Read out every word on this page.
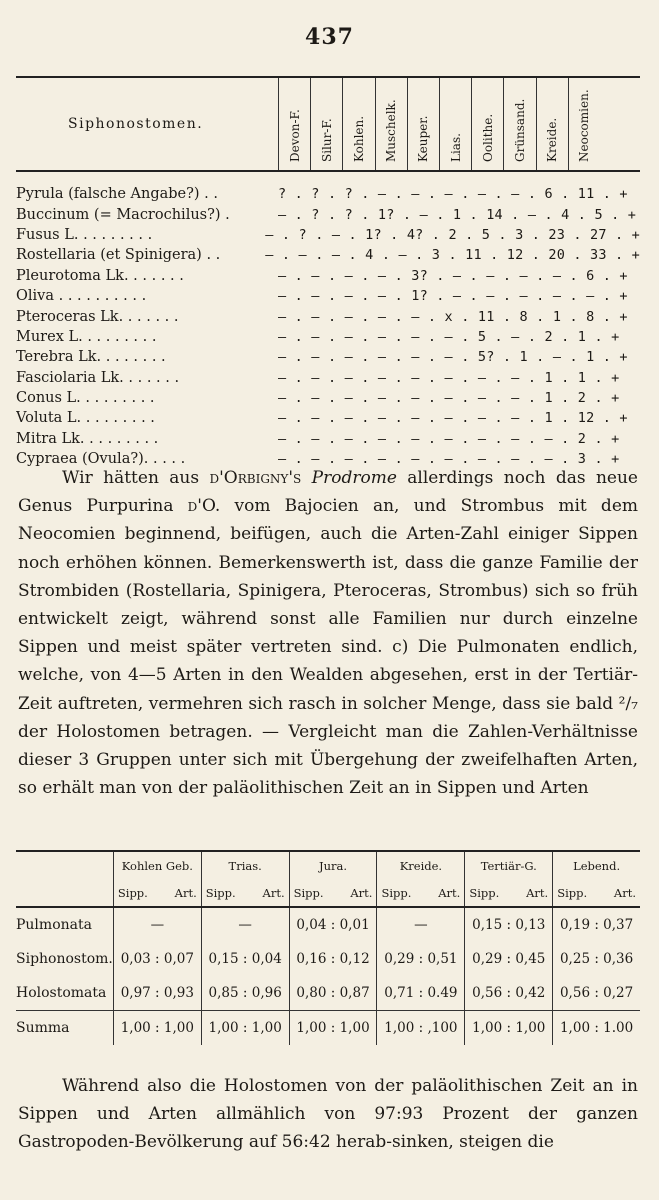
437
Siphonostomen.	Devon-F. Silur-F. Kohlen. Muschelk. Keuper. Lias. Oolithe. Grünsand. Kreide. Neocomien.
Pyrula (falsche Angabe?) . .	? . ? . ? . — . — . — . — . — . 6 . 11 . +
Buccinum (= Macrochilus?) .	— . ? . ? . 1? . — . 1 . 14 . — . 4 . 5 . +
Fusus L. . . . . . . . .	— . ? . — . 1? . 4? . 2 . 5 . 3 . 23 . 27 . +
Rostellaria (et Spinigera) . .	— . — . — . 4 . — . 3 . 11 . 12 . 20 . 33 . +
Pleurotoma Lk. . . . . . .	— . — . — . — . 3? . — . — . — . — . 6 . +
Oliva . . . . . . . . . .	— . — . — . — . 1? . — . — . — . — . — . +
Pteroceras Lk. . . . . . .	— . — . — . — . — . x . 11 . 8 . 1 . 8 . +
Murex L. . . . . . . . .	— . — . — . — . — . — . 5 . — . 2 . 1 . +
Terebra Lk. . . . . . . .	— . — . — . — . — . — . 5? . 1 . — . 1 . +
Fasciolaria Lk. . . . . . .	— . — . — . — . — . — . — . — . 1 . 1 . +
Conus L. . . . . . . . .	— . — . — . — . — . — . — . — . 1 . 2 . +
Voluta L. . . . . . . . .	— . — . — . — . — . — . — . — . 1 . 12 . +
Mitra Lk. . . . . . . . .	— . — . — . — . — . — . — . — . — . 2 . +
Cypraea (Ovula?). . . . .	— . — . — . — . — . — . — . — . — . 3 . +

Wir hätten aus d'Orbigny's Prodrome allerdings noch das neue Genus Purpurina d'O. vom Bajocien an, und Strombus mit dem Neocomien beginnend, beifügen, auch die Arten-Zahl einiger Sippen noch erhöhen können. Bemerkenswerth ist, dass die ganze Familie der Strombiden (Rostellaria, Spinigera, Pteroceras, Strombus) sich so früh entwickelt zeigt, während sonst alle Familien nur durch einzelne Sippen und meist später vertreten sind. c) Die Pulmonaten endlich, welche, von 4—5 Arten in den Wealden abgesehen, erst in der Tertiär-Zeit auftreten, vermehren sich rasch in solcher Menge, dass sie bald ²/₇ der Holostomen betragen. — Vergleicht man die Zahlen-Verhältnisse dieser 3 Gruppen unter sich mit Übergehung der zweifelhaften Arten, so erhält man von der paläolithischen Zeit an in Sippen und Arten

	Kohlen Geb.	Trias.	Jura.	Kreide.	Tertiär-G.	Lebend.

	Sipp. Art.	Sipp. Art.	Sipp. Art.	Sipp. Art.	Sipp. Art.	Sipp. Art.

Pulmonata	—	—	0,04 : 0,01	—	0,15 : 0,13	0,19 : 0,37
Siphonostom.	0,03 : 0,07	0,15 : 0,04	0,16 : 0,12	0,29 : 0,51	0,29 : 0,45	0,25 : 0,36
Holostomata	0,97 : 0,93	0,85 : 0,96	0,80 : 0,87	0,71 : 0.49	0,56 : 0,42	0,56 : 0,27
Summa	1,00 : 1,00	1,00 : 1,00	1,00 : 1,00	1,00 : ,100	1,00 : 1,00	1,00 : 1.00

Während also die Holostomen von der paläolithischen Zeit an in Sippen und Arten allmählich von 97:93 Prozent der ganzen Gastropoden-Bevölkerung auf 56:42 herab-sinken, steigen die
